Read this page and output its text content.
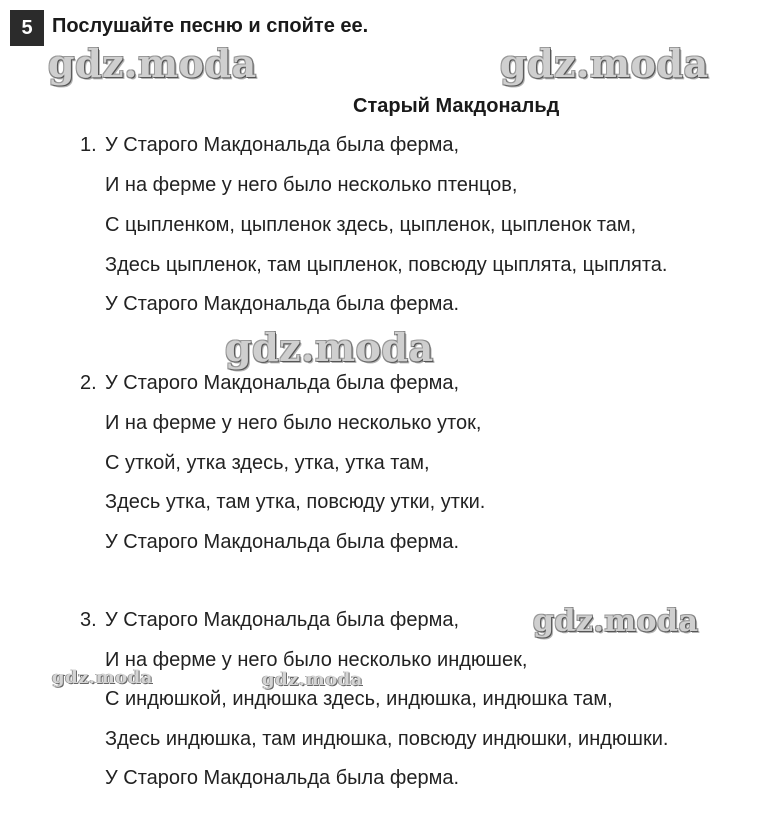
5 Послушайте песню и спойте ее.
gdz.moda	gdz.moda
Старый Макдональд
1. У Старого Макдональда была ферма,
И на ферме у него было несколько птенцов,
С цыпленком, цыпленок здесь, цыпленок, цыпленок там,
Здесь цыпленок, там цыпленок, повсюду цыплята, цыплята.
У Старого Макдональда была ферма.
gdz.moda
2. У Старого Макдональда была ферма,
И на ферме у него было несколько уток,
С уткой, утка здесь, утка, утка там,
Здесь утка, там утка, повсюду утки, утки.
У Старого Макдональда была ферма.
3. У Старого Макдональда была ферма, gdz.moda
И на ферме у него было несколько индюшек,
gdz.moda	gdz.moda
С индюшкой, индюшка здесь, индюшка, индюшка там,
Здесь индюшка, там индюшка, повсюду индюшки, индюшки.
У Старого Макдональда была ферма.
